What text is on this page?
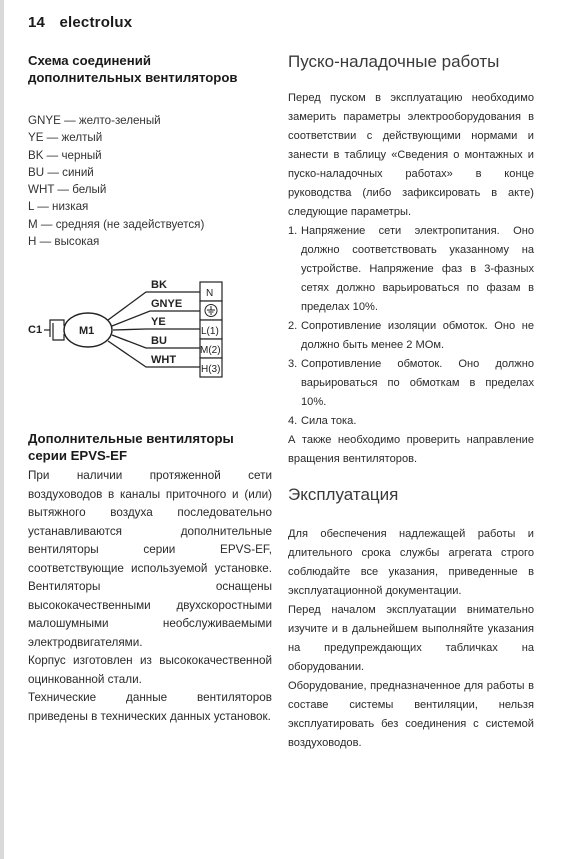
14 electrolux
Схема соединений
дополнительных вентиляторов
GNYE — желто-зеленый
YE — желтый
BK — черный
BU — синий
WHT — белый
L — низкая
M — средняя (не задействуется)
H — высокая
C1	M1
BK
GNYE
YE
BU
WHT
N
L(1)
M(2)
H(3)
Дополнительные вентиляторы
серии EPVS-EF

При наличии протяженной сети воздуховодов в каналы приточного и (или) вытяжного воздуха последовательно устанавливаются дополнительные вентиляторы серии EPVS-EF, соответствующие используемой установке. Вентиляторы оснащены высококачественными двухскоростными малошумными необслуживаемыми электродвигателями.

Корпус изготовлен из высококачественной оцинкованной стали.

Технические данные вентиляторов приведены в технических данных установок.

Пуско-наладочные работы

Перед пуском в эксплуатацию необходимо замерить параметры электрооборудования в соответствии с действующими нормами и занести в таблицу «Сведения о монтажных и пуско-наладочных работах» в конце руководства (либо зафиксировать в акте) следующие параметры.

1. Напряжение сети электропитания. Оно должно соответствовать указанному на устройстве. Напряжение фаз в 3-фазных сетях должно варьироваться по фазам в пределах 10%.
2. Сопротивление изоляции обмоток. Оно не должно быть менее 2 МОм.
3. Сопротивление обмоток. Оно должно варьироваться по обмоткам в пределах 10%.
4. Сила тока.

А также необходимо проверить направление вращения вентиляторов.

Эксплуатация

Для обеспечения надлежащей работы и длительного срока службы агрегата строго соблюдайте все указания, приведенные в эксплуатационной документации.

Перед началом эксплуатации внимательно изучите и в дальнейшем выполняйте указания на предупреждающих табличках на оборудовании.

Оборудование, предназначенное для работы в составе системы вентиляции, нельзя эксплуатировать без соединения с системой воздуховодов.
